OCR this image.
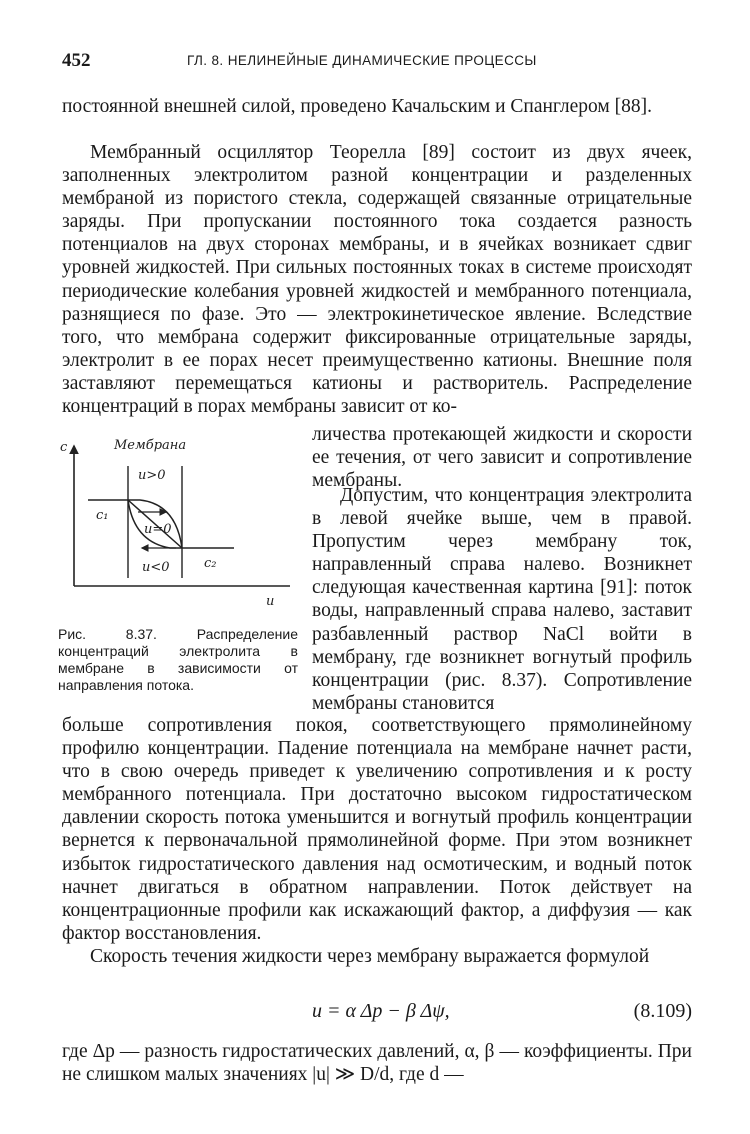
452	ГЛ. 8. НЕЛИНЕЙНЫЕ ДИНАМИЧЕСКИЕ ПРОЦЕССЫ

постоянной внешней силой, проведено Качальским и Спанглером [88].

Мембранный осциллятор Теорелла [89] состоит из двух ячеек, заполненных электролитом разной концентрации и разделенных мембраной из пористого стекла, содержащей связанные отрицательные заряды. При пропускании постоянного тока создается разность потенциалов на двух сторонах мембраны, и в ячейках возникает сдвиг уровней жидкостей. При сильных постоянных токах в системе происходят периодические колебания уровней жидкостей и мембранного потенциала, разнящиеся по фазе. Это — электрокинетическое явление. Вследствие того, что мембрана содержит фиксированные отрицательные заряды, электролит в ее порах несет преимущественно катионы. Внешние поля заставляют перемещаться катионы и растворитель. Распределение концентраций в порах мембраны зависит от ко-

личества протекающей жидкости и скорости ее течения, от чего зависит и сопротивление мембраны.

Допустим, что концентрация электролита в левой ячейке выше, чем в правой. Пропустим через мембрану ток, направленный справа налево. Возникнет следующая качественная картина [91]: поток воды, направленный справа налево, заставит разбавленный раствор NaCl войти в мембрану, где возникнет вогнутый профиль концентрации (рис. 8.37). Сопротивление мембраны становится

больше сопротивления покоя, соответствующего прямолинейному профилю концентрации. Падение потенциала на мембране начнет расти, что в свою очередь приведет к увеличению сопротивления и к росту мембранного потенциала. При достаточно высоком гидростатическом давлении скорость потока уменьшится и вогнутый профиль концентрации вернется к первоначальной прямолинейной форме. При этом возникнет избыток гидростатического давления над осмотическим, и водный поток начнет двигаться в обратном направлении. Поток действует на концентрационные профили как искажающий фактор, а диффузия — как фактор восстановления.

c	Мембрана
u>0
c₁
u=0
c₂
u<0
u

Рис. 8.37. Распределение концентраций электролита в мембране в зависимости от направления потока.

Скорость течения жидкости через мембрану выражается формулой

u = α Δp − β Δψ,	(8.109)

где Δp — разность гидростатических давлений, α, β — коэффициенты. При не слишком малых значениях |u| ≫ D/d, где d —
